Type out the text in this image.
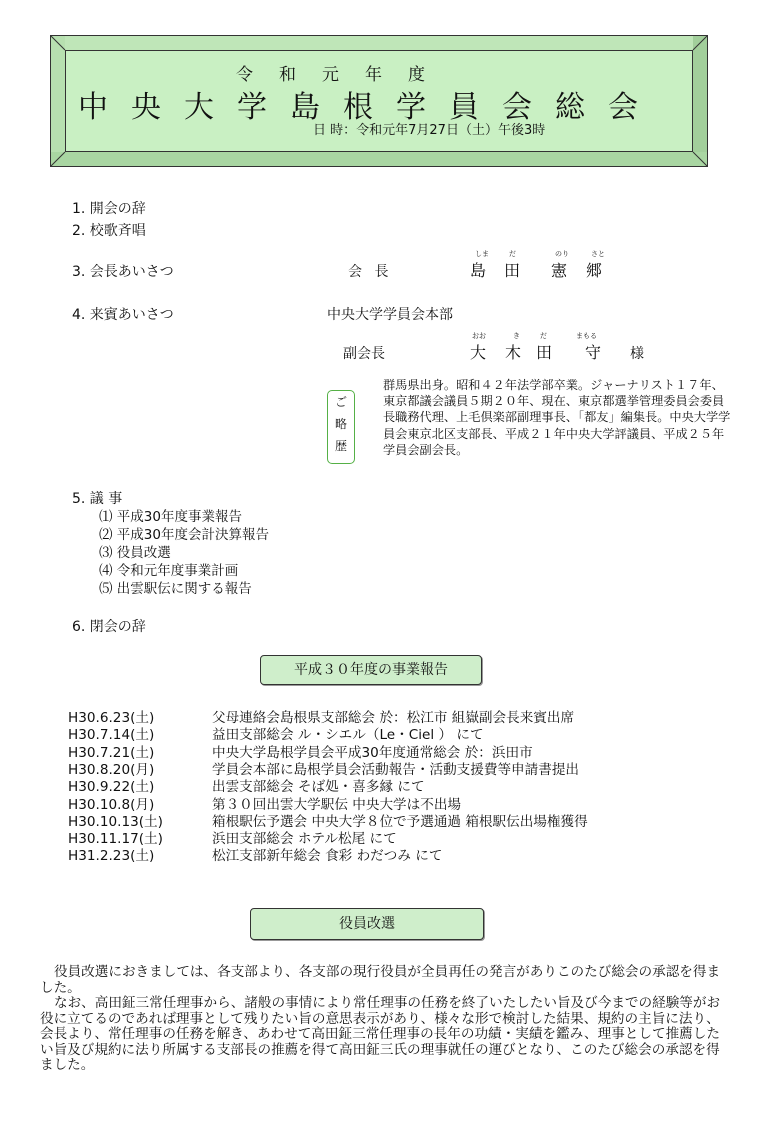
令和元年度
中央大学島根学員会総会
日 時：令和元年7月27日（土）午後3時
1. 開会の辞
2. 校歌斉唱
3. 会長あいさつ	会 長
しま	だ	のり	さと
島 田 憲 郷
4. 来賓あいさつ	中央大学学員会本部
副会長
おお	き	だ	まもる
大 木 田 守 様
ご
略
歴
群馬県出身。昭和４２年法学部卒業。ジャーナリスト１７年、東京都議会議員５期２０年、現在、東京都選挙管理委員会委員長職務代理、上毛倶楽部副理事長、「都友」編集長。中央大学学員会東京北区支部長、平成２１年中央大学評議員、平成２５年学員会副会長。
5. 議 事
⑴ 平成30年度事業報告
⑵ 平成30年度会計決算報告
⑶ 役員改選
⑷ 令和元年度事業計画
⑸ 出雲駅伝に関する報告
6. 閉会の辞
平成３０年度の事業報告
H30.6.23(土)	父母連絡会島根県支部総会 於：松江市 組嶽副会長来賓出席
H30.7.14(土)	益田支部総会 ル・シエル（Le・Ciel ） にて
H30.7.21(土)	中央大学島根学員会平成30年度通常総会 於：浜田市
H30.8.20(月)	学員会本部に島根学員会活動報告・活動支援費等申請書提出
H30.9.22(土)	出雲支部総会 そば処・喜多縁 にて
H30.10.8(月)	第３０回出雲大学駅伝 中央大学は不出場
H30.10.13(土)	箱根駅伝予選会 中央大学８位で予選通過 箱根駅伝出場権獲得
H30.11.17(土)	浜田支部総会 ホテル松尾 にて
H31.2.23(土)	松江支部新年総会 食彩 わだつみ にて
役員改選
役員改選におきましては、各支部より、各支部の現行役員が全員再任の発言がありこのたび総会の承認を得ました。
なお、高田鉦三常任理事から、諸般の事情により常任理事の任務を終了いたしたい旨及び今までの経験等がお役に立てるのであれば理事として残りたい旨の意思表示があり、様々な形で検討した結果、規約の主旨に法り、会長より、常任理事の任務を解き、あわせて高田鉦三常任理事の長年の功績・実績を鑑み、理事として推薦したい旨及び規約に法り所属する支部長の推薦を得て高田鉦三氏の理事就任の運びとなり、このたび総会の承認を得ました。
